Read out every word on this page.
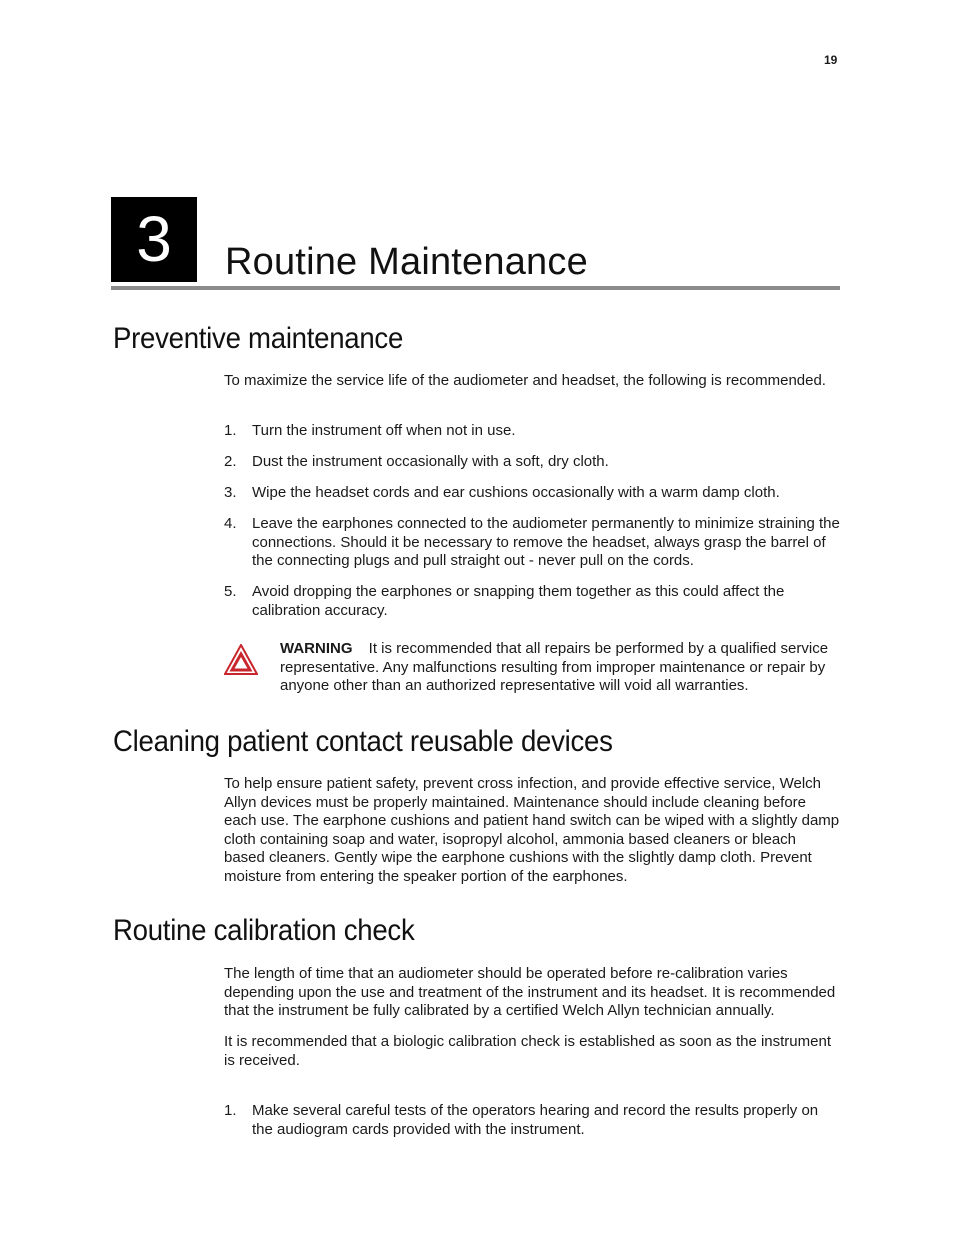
19
3	Routine Maintenance
Preventive maintenance

To maximize the service life of the audiometer and headset, the following is recommended.

1. Turn the instrument off when not in use.
2. Dust the instrument occasionally with a soft, dry cloth.
3. Wipe the headset cords and ear cushions occasionally with a warm damp cloth.
4. Leave the earphones connected to the audiometer permanently to minimize straining the connections. Should it be necessary to remove the headset, always grasp the barrel of the connecting plugs and pull straight out - never pull on the cords.
5. Avoid dropping the earphones or snapping them together as this could affect the calibration accuracy.
WARNING It is recommended that all repairs be performed by a qualified service representative. Any malfunctions resulting from improper maintenance or repair by anyone other than an authorized representative will void all warranties.
Cleaning patient contact reusable devices

To help ensure patient safety, prevent cross infection, and provide effective service, Welch Allyn devices must be properly maintained. Maintenance should include cleaning before each use. The earphone cushions and patient hand switch can be wiped with a slightly damp cloth containing soap and water, isopropyl alcohol, ammonia based cleaners or bleach based cleaners. Gently wipe the earphone cushions with the slightly damp cloth. Prevent moisture from entering the speaker portion of the earphones.

Routine calibration check

The length of time that an audiometer should be operated before re-calibration varies depending upon the use and treatment of the instrument and its headset. It is recommended that the instrument be fully calibrated by a certified Welch Allyn technician annually.

It is recommended that a biologic calibration check is established as soon as the instrument is received.

1. Make several careful tests of the operators hearing and record the results properly on the audiogram cards provided with the instrument.
